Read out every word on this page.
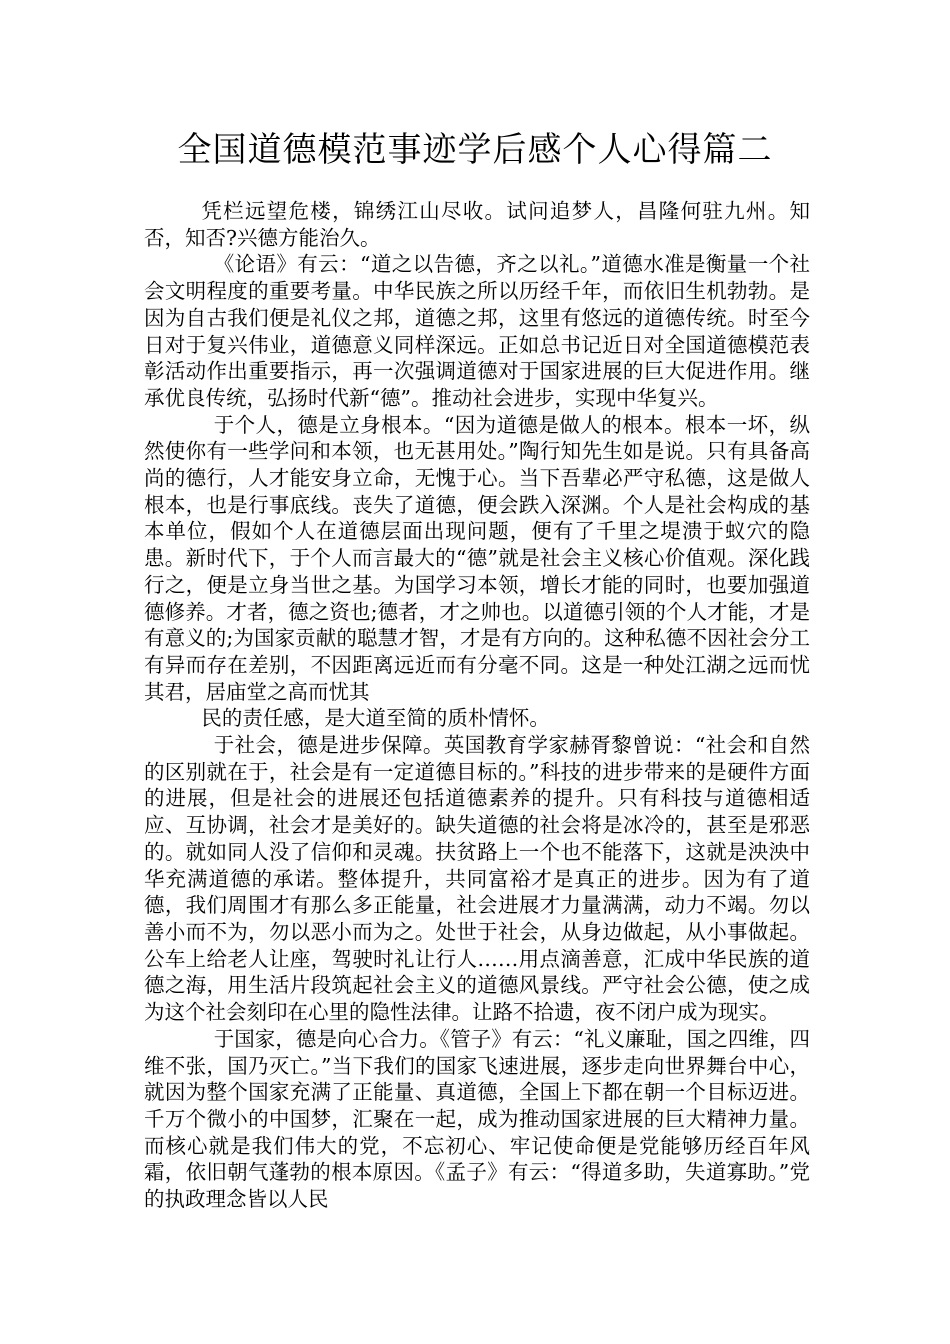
全国道德模范事迹学后感个人心得篇二

凭栏远望危楼，锦绣江山尽收。试问追梦人，昌隆何驻九州。知否，知否?兴德方能治久。

《论语》有云：“道之以告德，齐之以礼。”道德水准是衡量一个社会文明程度的重要考量。中华民族之所以历经千年，而依旧生机勃勃。是因为自古我们便是礼仪之邦，道德之邦，这里有悠远的道德传统。时至今日对于复兴伟业，道德意义同样深远。正如总书记近日对全国道德模范表彰活动作出重要指示，再一次强调道德对于国家进展的巨大促进作用。继承优良传统，弘扬时代新“德”。推动社会进步，实现中华复兴。

于个人，德是立身根本。“因为道德是做人的根本。根本一坏，纵然使你有一些学问和本领，也无甚用处。”陶行知先生如是说。只有具备高尚的德行，人才能安身立命，无愧于心。当下吾辈必严守私德，这是做人根本，也是行事底线。丧失了道德，便会跌入深渊。个人是社会构成的基本单位，假如个人在道德层面出现问题，便有了千里之堤溃于蚁穴的隐患。新时代下，于个人而言最大的“德”就是社会主义核心价值观。深化践行之，便是立身当世之基。为国学习本领，增长才能的同时，也要加强道德修养。才者，德之资也;德者，才之帅也。以道德引领的个人才能，才是有意义的;为国家贡献的聪慧才智，才是有方向的。这种私德不因社会分工有异而存在差别，不因距离远近而有分毫不同。这是一种处江湖之远而忧其君，居庙堂之高而忧其

民的责任感，是大道至简的质朴情怀。

于社会，德是进步保障。英国教育学家赫胥黎曾说：“社会和自然的区别就在于，社会是有一定道德目标的。”科技的进步带来的是硬件方面的进展，但是社会的进展还包括道德素养的提升。只有科技与道德相适应、互协调，社会才是美好的。缺失道德的社会将是冰冷的，甚至是邪恶的。就如同人没了信仰和灵魂。扶贫路上一个也不能落下，这就是泱泱中华充满道德的承诺。整体提升，共同富裕才是真正的进步。因为有了道德，我们周围才有那么多正能量，社会进展才力量满满，动力不竭。勿以善小而不为，勿以恶小而为之。处世于社会，从身边做起，从小事做起。公车上给老人让座，驾驶时礼让行人……用点滴善意，汇成中华民族的道德之海，用生活片段筑起社会主义的道德风景线。严守社会公德，使之成为这个社会刻印在心里的隐性法律。让路不拾遗，夜不闭户成为现实。

于国家，德是向心合力。《管子》有云：“礼义廉耻，国之四维，四维不张，国乃灭亡。”当下我们的国家飞速进展，逐步走向世界舞台中心，就因为整个国家充满了正能量、真道德，全国上下都在朝一个目标迈进。千万个微小的中国梦，汇聚在一起，成为推动国家进展的巨大精神力量。而核心就是我们伟大的党，不忘初心、牢记使命便是党能够历经百年风霜，依旧朝气蓬勃的根本原因。《孟子》有云：“得道多助，失道寡助。”党的执政理念皆以人民
